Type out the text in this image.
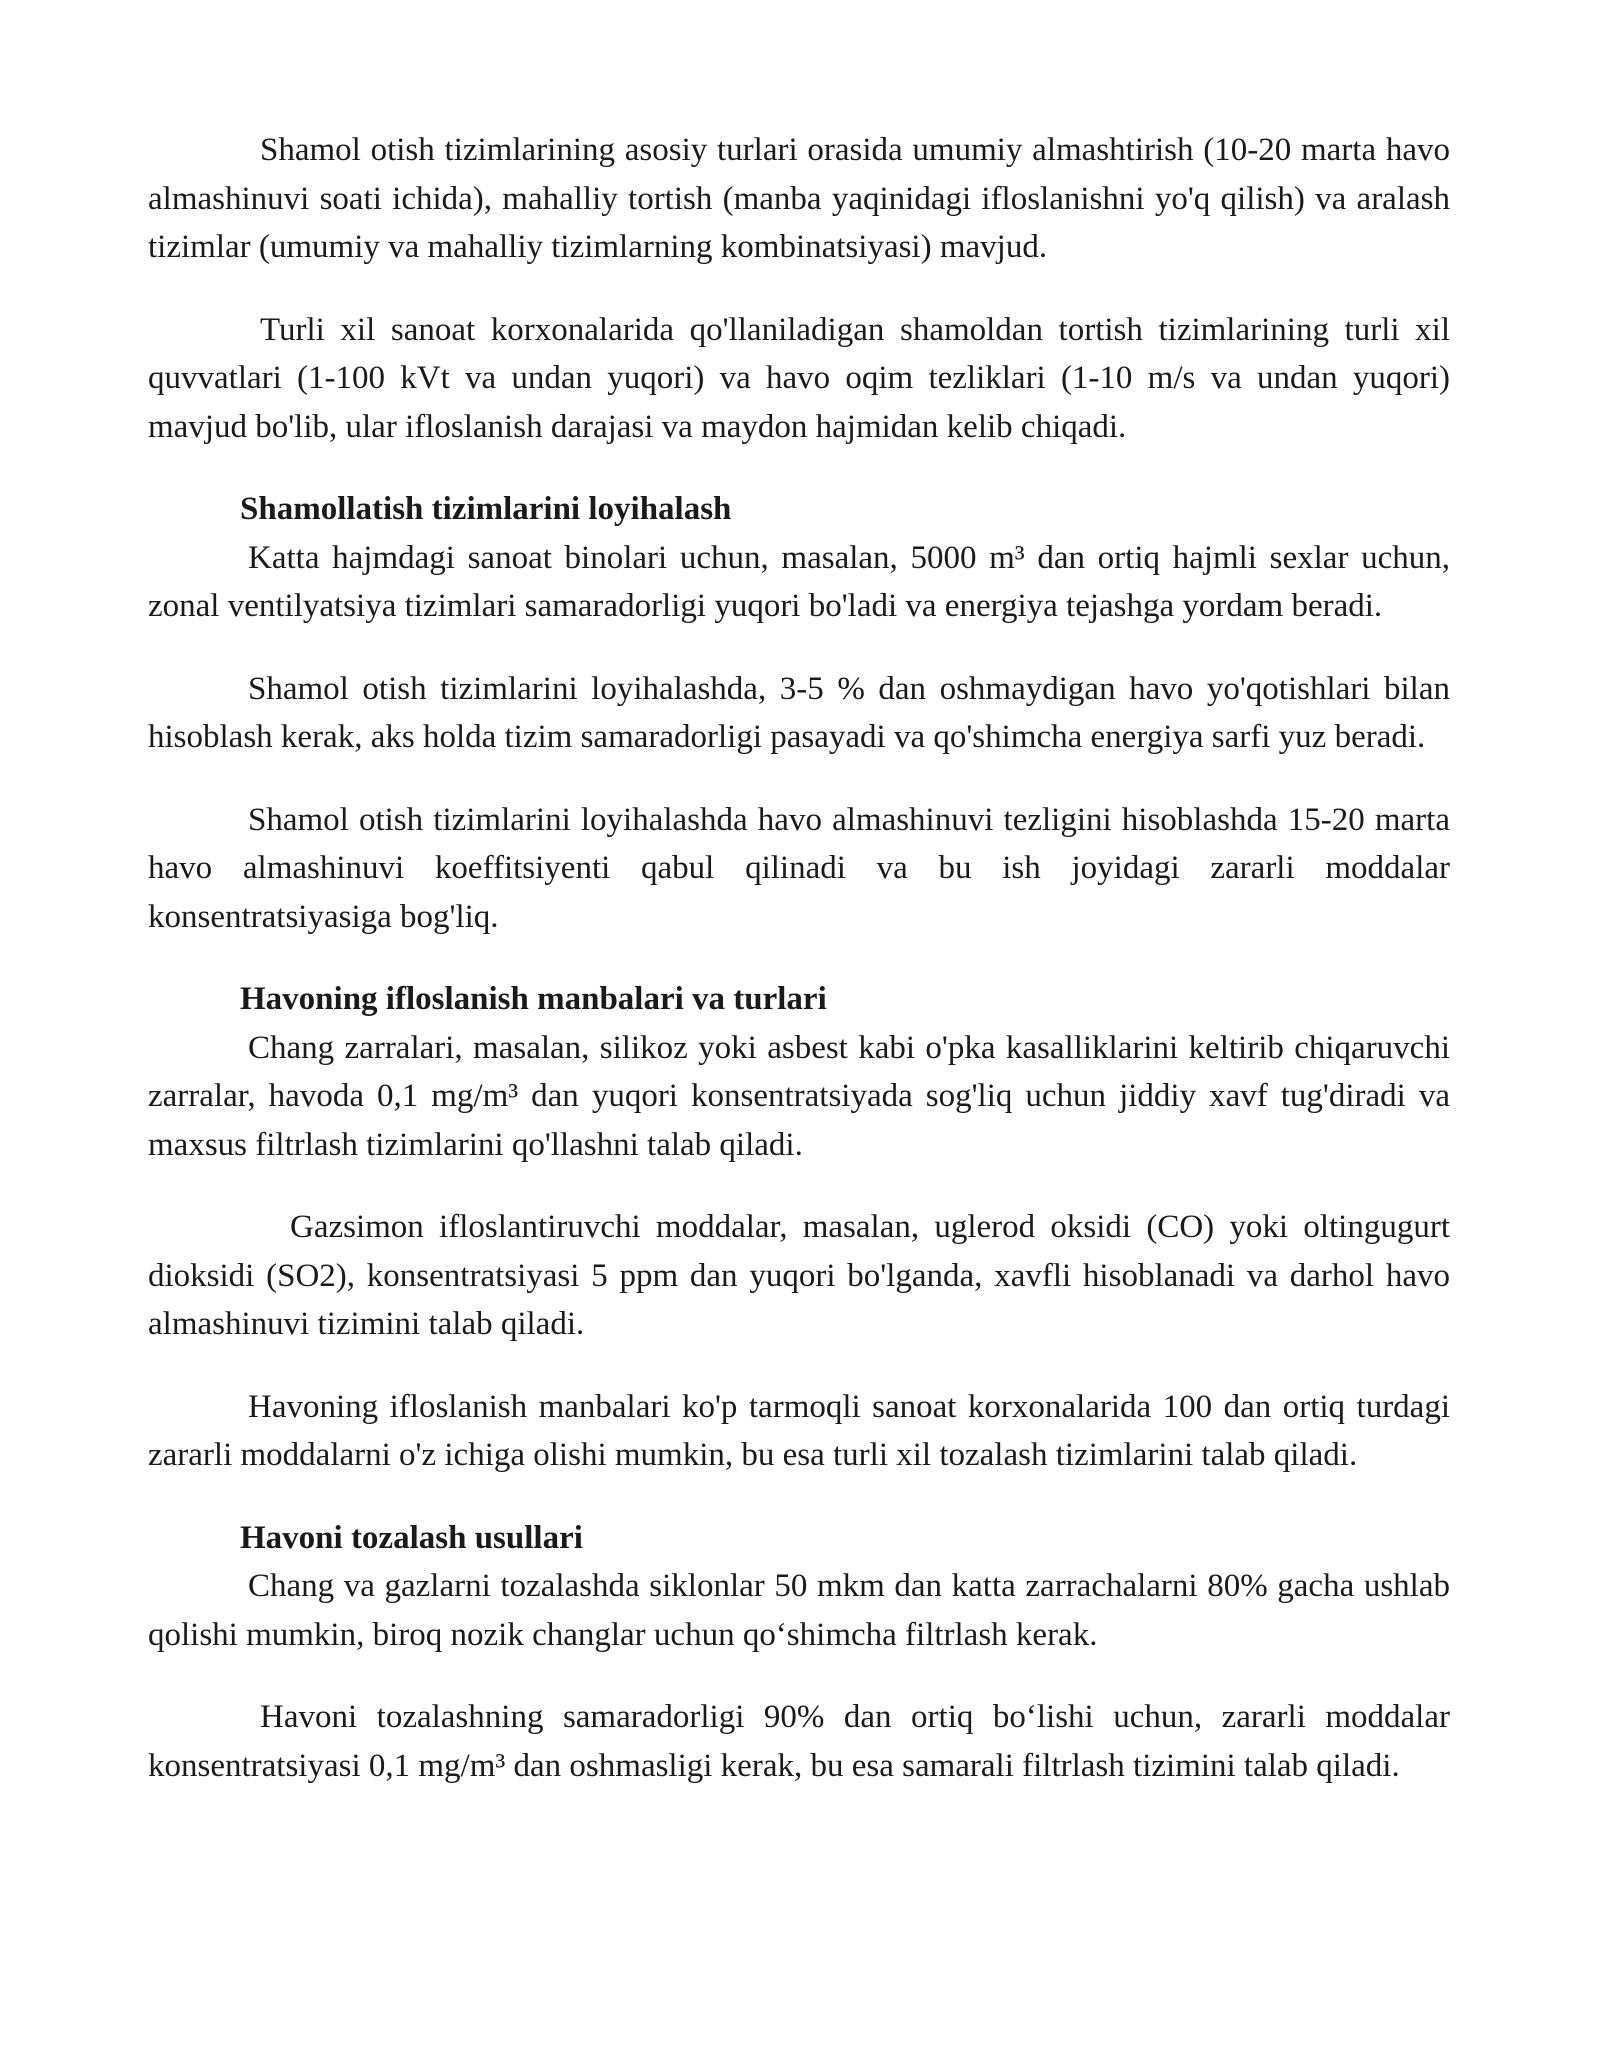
Shamol otish tizimlarining asosiy turlari orasida umumiy almashtirish (10-20 marta havo almashinuvi soati ichida), mahalliy tortish (manba yaqinidagi ifloslanishni yo'q qilish) va aralash tizimlar (umumiy va mahalliy tizimlarning kombinatsiyasi) mavjud.

Turli xil sanoat korxonalarida qo'llaniladigan shamoldan tortish tizimlarining turli xil quvvatlari (1-100 kVt va undan yuqori) va havo oqim tezliklari (1-10 m/s va undan yuqori) mavjud bo'lib, ular ifloslanish darajasi va maydon hajmidan kelib chiqadi.

Shamollatish tizimlarini loyihalash

Katta hajmdagi sanoat binolari uchun, masalan, 5000 m³ dan ortiq hajmli sexlar uchun, zonal ventilyatsiya tizimlari samaradorligi yuqori bo'ladi va energiya tejashga yordam beradi.

Shamol otish tizimlarini loyihalashda, 3-5 % dan oshmaydigan havo yo'qotishlari bilan hisoblash kerak, aks holda tizim samaradorligi pasayadi va qo'shimcha energiya sarfi yuz beradi.

Shamol otish tizimlarini loyihalashda havo almashinuvi tezligini hisoblashda 15-20 marta havo almashinuvi koeffitsiyenti qabul qilinadi va bu ish joyidagi zararli moddalar konsentratsiyasiga bog'liq.

Havoning ifloslanish manbalari va turlari

Chang zarralari, masalan, silikoz yoki asbest kabi o'pka kasalliklarini keltirib chiqaruvchi zarralar, havoda 0,1 mg/m³ dan yuqori konsentratsiyada sog'liq uchun jiddiy xavf tug'diradi va maxsus filtrlash tizimlarini qo'llashni talab qiladi.

Gazsimon ifloslantiruvchi moddalar, masalan, uglerod oksidi (CO) yoki oltingugurt dioksidi (SO2), konsentratsiyasi 5 ppm dan yuqori bo'lganda, xavfli hisoblanadi va darhol havo almashinuvi tizimini talab qiladi.

Havoning ifloslanish manbalari ko'p tarmoqli sanoat korxonalarida 100 dan ortiq turdagi zararli moddalarni o'z ichiga olishi mumkin, bu esa turli xil tozalash tizimlarini talab qiladi.

Havoni tozalash usullari

Chang va gazlarni tozalashda siklonlar 50 mkm dan katta zarrachalarni 80% gacha ushlab qolishi mumkin, biroq nozik changlar uchun qo‘shimcha filtrlash kerak.

Havoni tozalashning samaradorligi 90% dan ortiq bo‘lishi uchun, zararli moddalar konsentratsiyasi 0,1 mg/m³ dan oshmasligi kerak, bu esa samarali filtrlash tizimini talab qiladi.
